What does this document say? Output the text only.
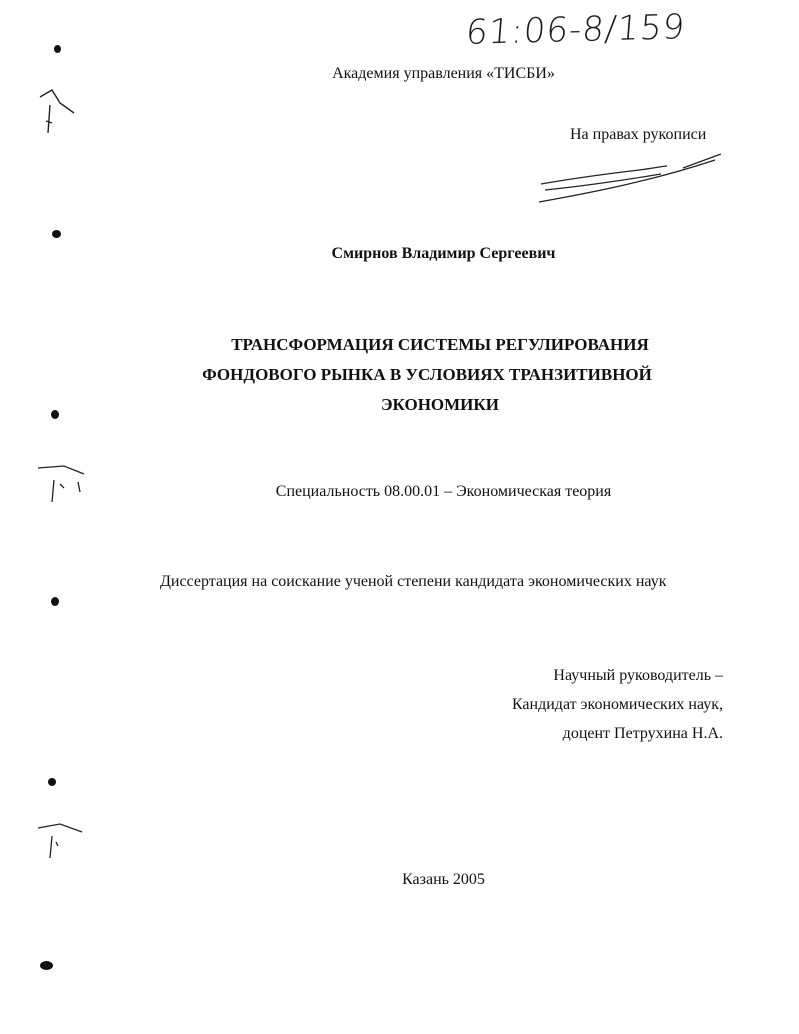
61:06-8/159
Академия управления «ТИСБИ»
На правах рукописи
Смирнов Владимир Сергеевич
ТРАНСФОРМАЦИЯ СИСТЕМЫ РЕГУЛИРОВАНИЯ
ФОНДОВОГО РЫНКА В УСЛОВИЯХ ТРАНЗИТИВНОЙ
ЭКОНОМИКИ
Специальность 08.00.01 – Экономическая теория
Диссертация на соискание ученой степени кандидата экономических наук
Научный руководитель –
Кандидат экономических наук,
доцент Петрухина Н.А.
Казань 2005
